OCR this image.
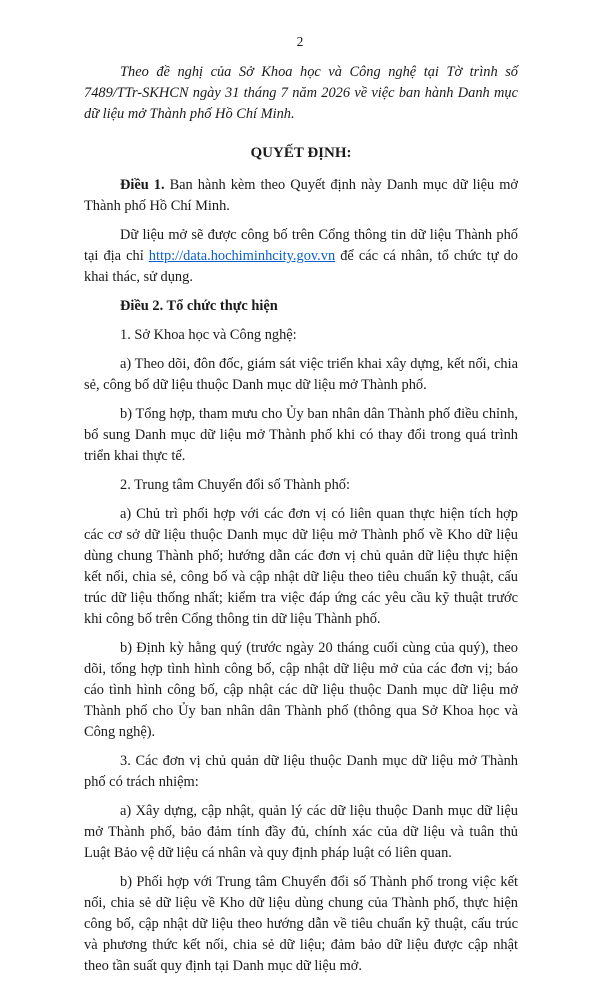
2

Theo đề nghị của Sở Khoa học và Công nghệ tại Tờ trình số 7489/TTr-SKHCN ngày 31 tháng 7 năm 2026 về việc ban hành Danh mục dữ liệu mở Thành phố Hồ Chí Minh.

QUYẾT ĐỊNH:

Điều 1. Ban hành kèm theo Quyết định này Danh mục dữ liệu mở Thành phố Hồ Chí Minh.

Dữ liệu mở sẽ được công bố trên Cổng thông tin dữ liệu Thành phố tại địa chỉ http://data.hochiminhcity.gov.vn để các cá nhân, tổ chức tự do khai thác, sử dụng.

Điều 2. Tổ chức thực hiện

1. Sở Khoa học và Công nghệ:

a) Theo dõi, đôn đốc, giám sát việc triển khai xây dựng, kết nối, chia sẻ, công bố dữ liệu thuộc Danh mục dữ liệu mở Thành phố.

b) Tổng hợp, tham mưu cho Ủy ban nhân dân Thành phố điều chỉnh, bổ sung Danh mục dữ liệu mở Thành phố khi có thay đổi trong quá trình triển khai thực tế.

2. Trung tâm Chuyển đổi số Thành phố:

a) Chủ trì phối hợp với các đơn vị có liên quan thực hiện tích hợp các cơ sở dữ liệu thuộc Danh mục dữ liệu mở Thành phố về Kho dữ liệu dùng chung Thành phố; hướng dẫn các đơn vị chủ quản dữ liệu thực hiện kết nối, chia sẻ, công bố và cập nhật dữ liệu theo tiêu chuẩn kỹ thuật, cấu trúc dữ liệu thống nhất; kiểm tra việc đáp ứng các yêu cầu kỹ thuật trước khi công bố trên Cổng thông tin dữ liệu Thành phố.

b) Định kỳ hằng quý (trước ngày 20 tháng cuối cùng của quý), theo dõi, tổng hợp tình hình công bố, cập nhật dữ liệu mở của các đơn vị; báo cáo tình hình công bố, cập nhật các dữ liệu thuộc Danh mục dữ liệu mở Thành phố cho Ủy ban nhân dân Thành phố (thông qua Sở Khoa học và Công nghệ).

3. Các đơn vị chủ quản dữ liệu thuộc Danh mục dữ liệu mở Thành phố có trách nhiệm:

a) Xây dựng, cập nhật, quản lý các dữ liệu thuộc Danh mục dữ liệu mở Thành phố, bảo đảm tính đầy đủ, chính xác của dữ liệu và tuân thủ Luật Bảo vệ dữ liệu cá nhân và quy định pháp luật có liên quan.

b) Phối hợp với Trung tâm Chuyển đổi số Thành phố trong việc kết nối, chia sẻ dữ liệu về Kho dữ liệu dùng chung của Thành phố, thực hiện công bố, cập nhật dữ liệu theo hướng dẫn về tiêu chuẩn kỹ thuật, cấu trúc và phương thức kết nối, chia sẻ dữ liệu; đảm bảo dữ liệu được cập nhật theo tần suất quy định tại Danh mục dữ liệu mở.
